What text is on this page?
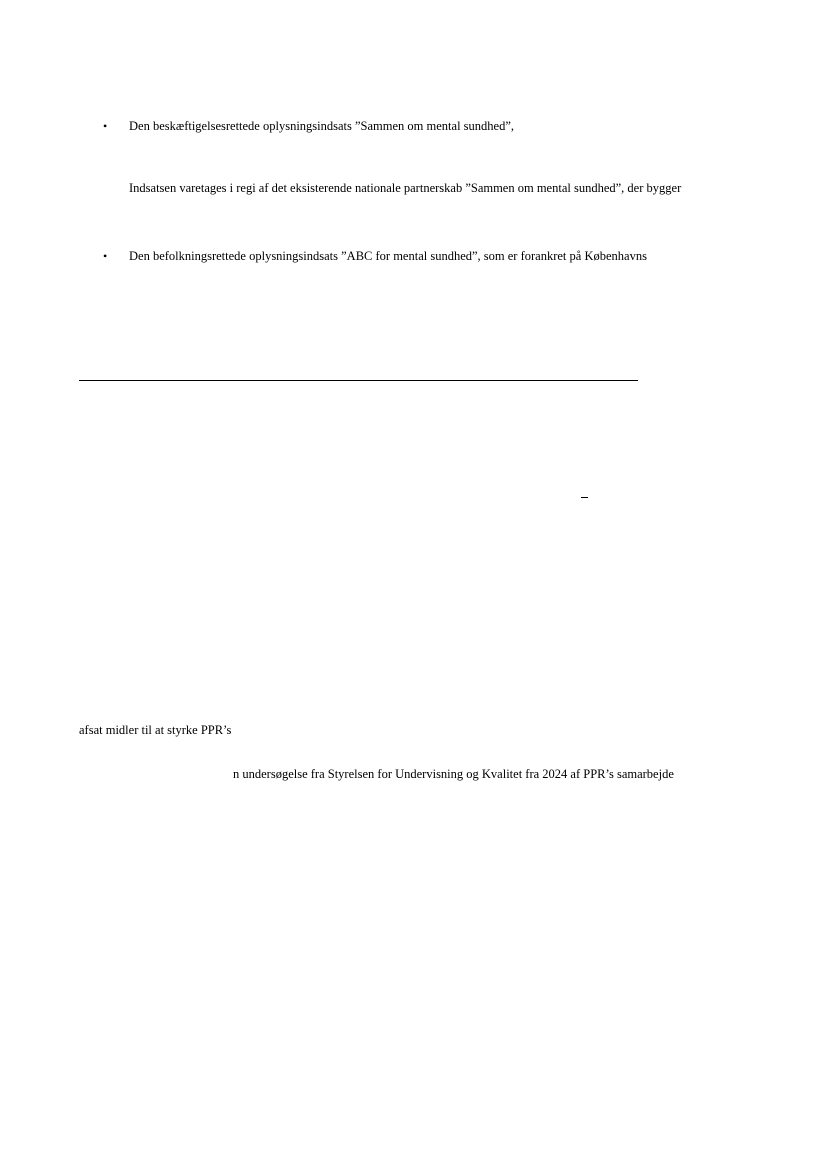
• Den beskæftigelsesrettede oplysningsindsats ”Sammen om mental sundhed”,
Indsatsen varetages i regi af det eksisterende nationale partnerskab ”Sammen om mental sundhed”, der bygger
• Den befolkningsrettede oplysningsindsats ”ABC for mental sundhed”, som er forankret på Københavns
afsat midler til at styrke PPR’s
n undersøgelse fra Styrelsen for Undervisning og Kvalitet fra 2024 af PPR’s samarbejde
